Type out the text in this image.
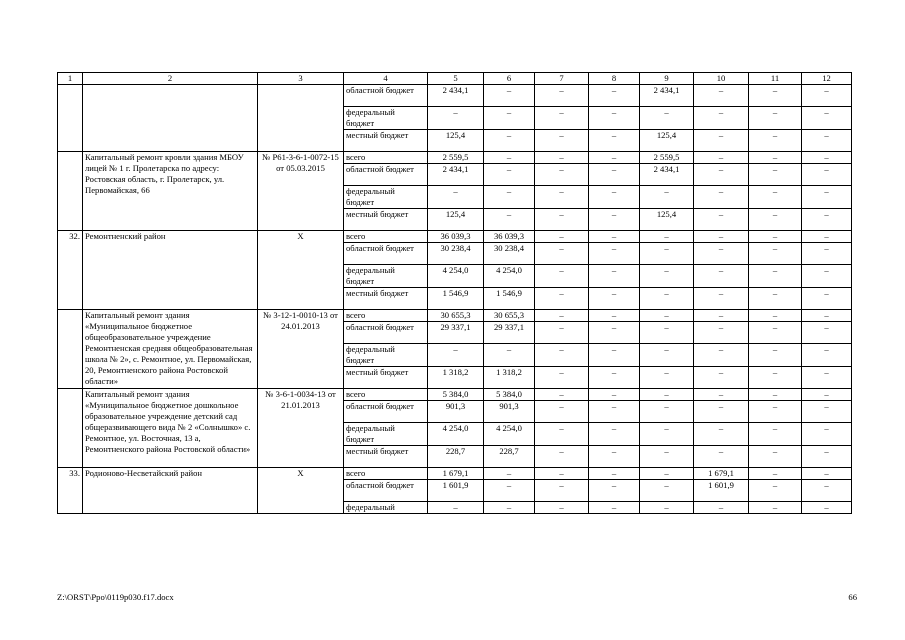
1	2	3	4	5	6	7	8	9	10	11	12
			областной бюджет	2 434,1	–	–	–	2 434,1	–	–	–
			федеральный бюджет	–	–	–	–	–	–	–	–
			местный бюджет	125,4	–	–	–	125,4	–	–	–
	Капитальный ремонт кровли здания МБОУ лицей № 1 г. Пролетарска по адресу: Ростовская область, г. Пролетарск, ул. Первомайская, 66	№ Р61-3-6-1-0072-15 от 05.03.2015	всего	2 559,5	–	–	–	2 559,5	–	–	–
			областной бюджет	2 434,1	–	–	–	2 434,1	–	–	–
			федеральный бюджет	–	–	–	–	–	–	–	–
			местный бюджет	125,4	–	–	–	125,4	–	–	–
32.	Ремонтненский район	Х	всего	36 039,3	36 039,3	–	–	–	–	–	–
			областной бюджет	30 238,4	30 238,4	–	–	–	–	–	–
			федеральный бюджет	4 254,0	4 254,0	–	–	–	–	–	–
			местный бюджет	1 546,9	1 546,9	–	–	–	–	–	–
	Капитальный ремонт здания «Муниципальное бюджетное общеобразовательное учреждение Ремонтненская средняя общеобразовательная школа № 2», с. Ремонтное, ул. Первомайская, 20, Ремонтненского района Ростовской области»	№ 3-12-1-0010-13 от 24.01.2013	всего	30 655,3	30 655,3	–	–	–	–	–	–
			областной бюджет	29 337,1	29 337,1	–	–	–	–	–	–
			федеральный бюджет	–	–	–	–	–	–	–	–
			местный бюджет	1 318,2	1 318,2	–	–	–	–	–	–
	Капитальный ремонт здания «Муниципальное бюджетное дошкольное образовательное учреждение детский сад общеразвивающего вида № 2 «Солнышко» с. Ремонтное, ул. Восточная, 13 а, Ремонтненского района Ростовской области»	№ 3-6-1-0034-13 от 21.01.2013	всего	5 384,0	5 384,0	–	–	–	–	–	–
			областной бюджет	901,3	901,3	–	–	–	–	–	–
			федеральный бюджет	4 254,0	4 254,0	–	–	–	–	–	–
			местный бюджет	228,7	228,7	–	–	–	–	–	–
33.	Родионово-Несветайский район	Х	всего	1 679,1	–	–	–	–	1 679,1	–	–
			областной бюджет	1 601,9	–	–	–	–	1 601,9	–	–
			федеральный	–	–	–	–	–	–	–	–
Z:\ORST\Ppo\0119p030.f17.docx	66
